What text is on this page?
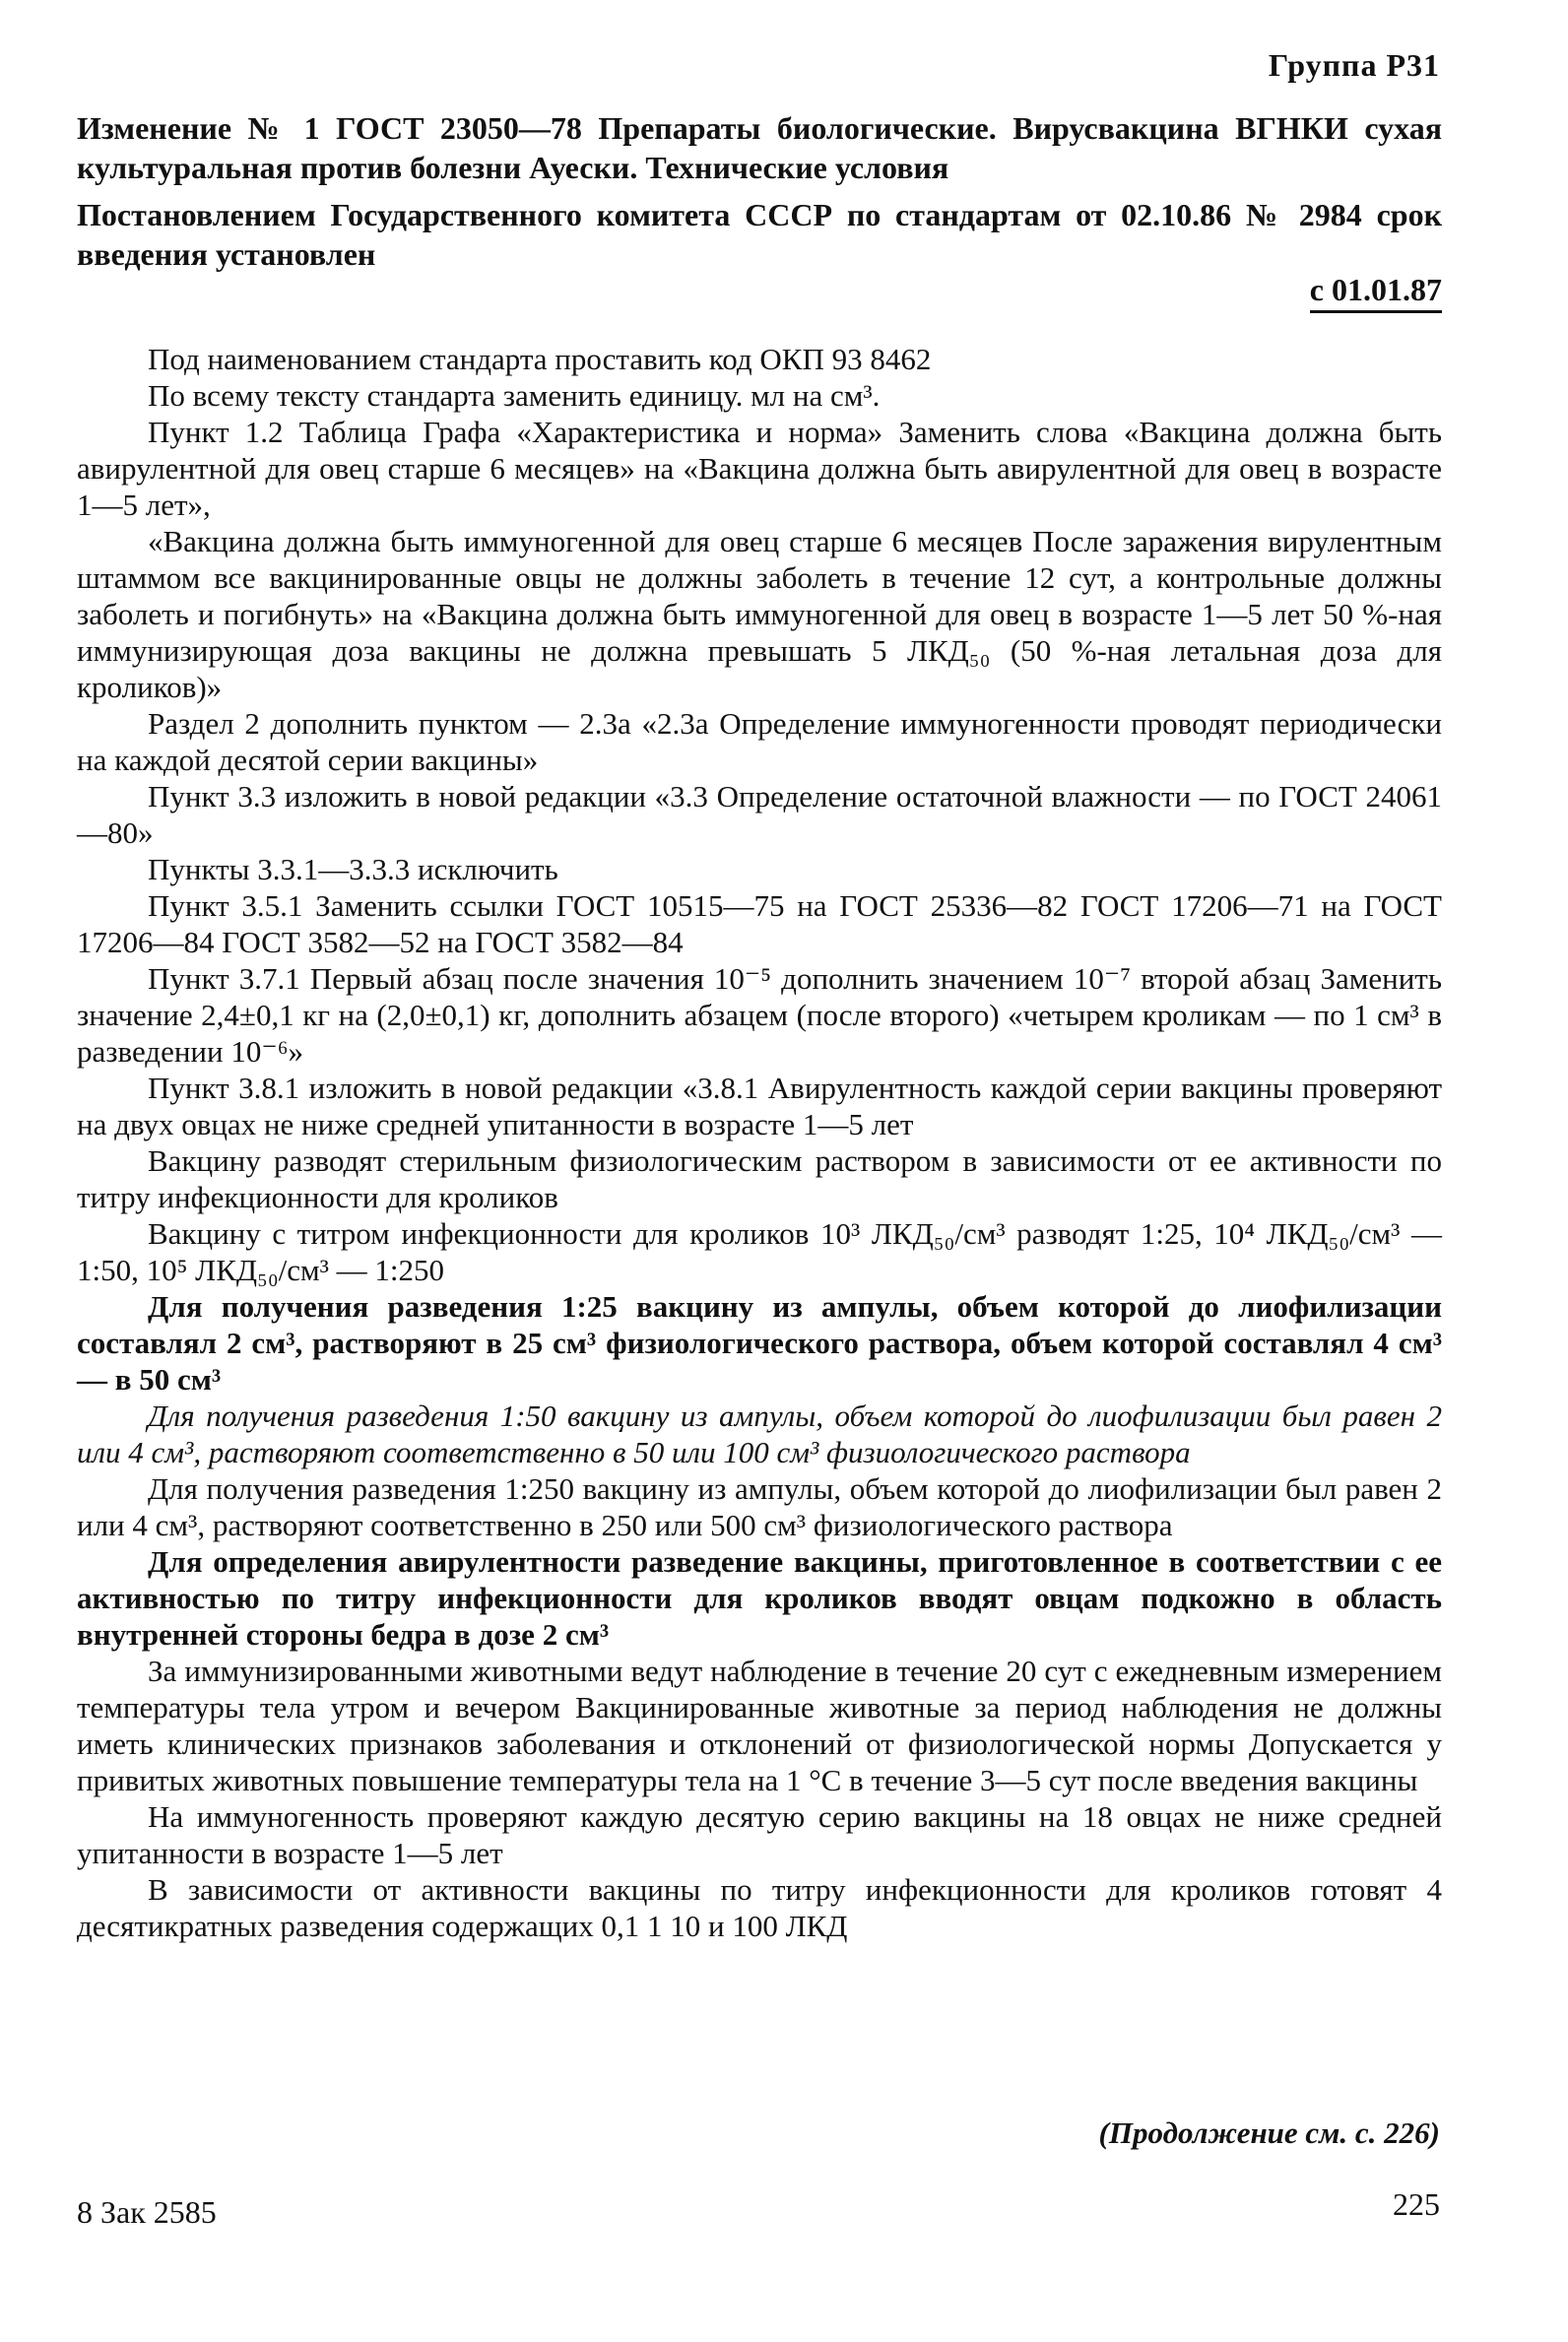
Группа Р31
Изменение № 1 ГОСТ 23050—78 Препараты биологические. Вирусвакцина ВГНКИ сухая культуральная против болезни Ауески. Технические условия
Постановлением Государственного комитета СССР по стандартам от 02.10.86 № 2984 срок введения установлен
с 01.01.87

Под наименованием стандарта проставить код ОКП 93 8462

По всему тексту стандарта заменить единицу. мл на см³.

Пункт 1.2 Таблица Графа «Характеристика и норма» Заменить слова «Вакцина должна быть авирулентной для овец старше 6 месяцев» на «Вакцина должна быть авирулентной для овец в возрасте 1—5 лет»,

«Вакцина должна быть иммуногенной для овец старше 6 месяцев После заражения вирулентным штаммом все вакцинированные овцы не должны заболеть в течение 12 сут, а контрольные должны заболеть и погибнуть» на «Вакцина должна быть иммуногенной для овец в возрасте 1—5 лет 50 %-ная иммунизирующая доза вакцины не должна превышать 5 ЛКД₅₀ (50 %-ная летальная доза для кроликов)»

Раздел 2 дополнить пунктом — 2.3а «2.3а Определение иммуногенности проводят периодически на каждой десятой серии вакцины»

Пункт 3.3 изложить в новой редакции «3.3 Определение остаточной влажности — по ГОСТ 24061—80»

Пункты 3.3.1—3.3.3 исключить

Пункт 3.5.1 Заменить ссылки ГОСТ 10515—75 на ГОСТ 25336—82 ГОСТ 17206—71 на ГОСТ 17206—84 ГОСТ 3582—52 на ГОСТ 3582—84

Пункт 3.7.1 Первый абзац после значения 10⁻⁵ дополнить значением 10⁻⁷ второй абзац Заменить значение 2,4±0,1 кг на (2,0±0,1) кг, дополнить абзацем (после второго) «четырем кроликам — по 1 см³ в разведении 10⁻⁶»

Пункт 3.8.1 изложить в новой редакции «3.8.1 Авирулентность каждой серии вакцины проверяют на двух овцах не ниже средней упитанности в возрасте 1—5 лет

Вакцину разводят стерильным физиологическим раствором в зависимости от ее активности по титру инфекционности для кроликов

Вакцину с титром инфекционности для кроликов 10³ ЛКД₅₀/см³ разводят 1:25, 10⁴ ЛКД₅₀/см³ — 1:50, 10⁵ ЛКД₅₀/см³ — 1:250

Для получения разведения 1:25 вакцину из ампулы, объем которой до лиофилизации составлял 2 см³, растворяют в 25 см³ физиологического раствора, объем которой составлял 4 см³ — в 50 см³

Для получения разведения 1:50 вакцину из ампулы, объем которой до лиофилизации был равен 2 или 4 см³, растворяют соответственно в 50 или 100 см³ физиологического раствора

Для получения разведения 1:250 вакцину из ампулы, объем которой до лиофилизации был равен 2 или 4 см³, растворяют соответственно в 250 или 500 см³ физиологического раствора

Для определения авирулентности разведение вакцины, приготовленное в соответствии с ее активностью по титру инфекционности для кроликов вводят овцам подкожно в область внутренней стороны бедра в дозе 2 см³

За иммунизированными животными ведут наблюдение в течение 20 сут с ежедневным измерением температуры тела утром и вечером Вакцинированные животные за период наблюдения не должны иметь клинических признаков заболевания и отклонений от физиологической нормы Допускается у привитых животных повышение температуры тела на 1 °С в течение 3—5 сут после введения вакцины

На иммуногенность проверяют каждую десятую серию вакцины на 18 овцах не ниже средней упитанности в возрасте 1—5 лет

В зависимости от активности вакцины по титру инфекционности для кроликов готовят 4 десятикратных разведения содержащих 0,1 1 10 и 100 ЛКД

(Продолжение см. с. 226)
8 Зак 2585	225
